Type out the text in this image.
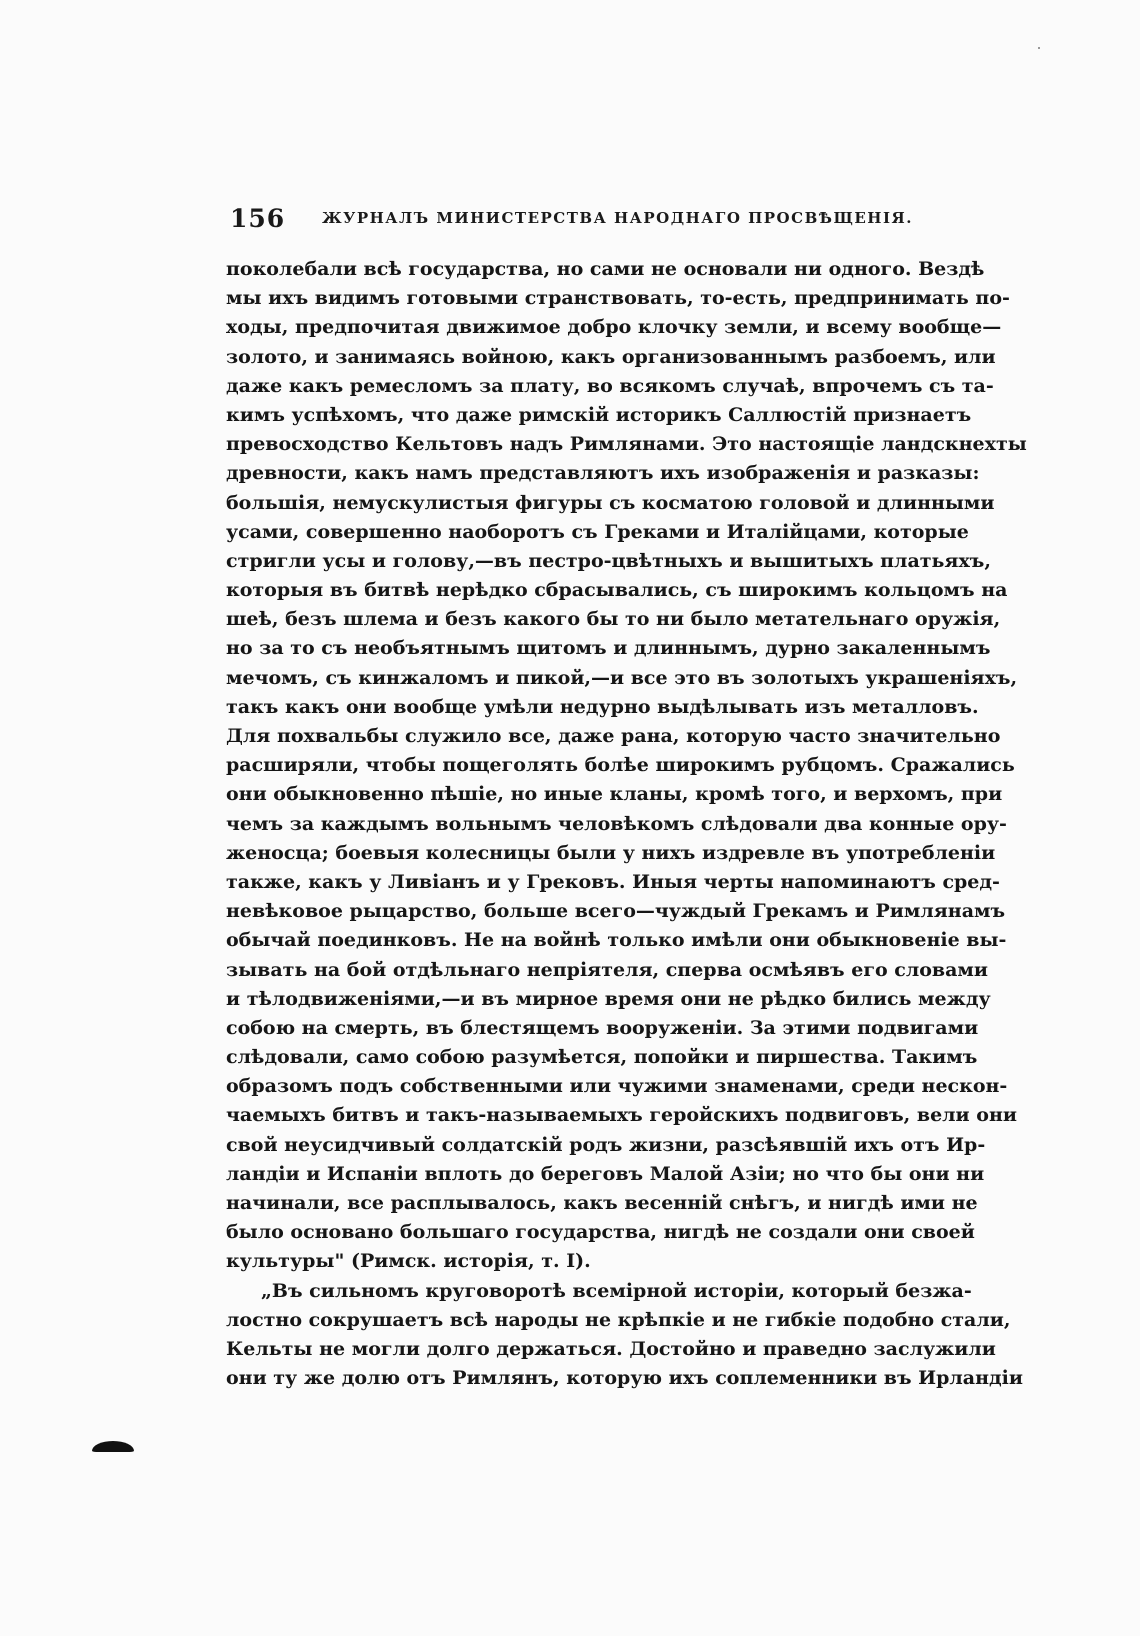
156 ЖУРНАЛЪ МИНИСТЕРСТВА НАРОДНАГО ПРОСВѢЩЕНІЯ.
поколебали всѣ государства, но сами не основали ни одного. Вездѣ
мы ихъ видимъ готовыми странствовать, то-есть, предпринимать по-
ходы, предпочитая движимое добро клочку земли, и всему вообще—
золото, и занимаясь войною, какъ организованнымъ разбоемъ, или
даже какъ ремесломъ за плату, во всякомъ случаѣ, впрочемъ съ та-
кимъ успѣхомъ, что даже римскій историкъ Саллюстій признаетъ
превосходство Кельтовъ надъ Римлянами. Это настоящіе ландскнехты
древности, какъ намъ представляютъ ихъ изображенія и разказы:
большія, немускулистыя фигуры съ косматою головой и длинными
усами, совершенно наоборотъ съ Греками и Италійцами, которые
стригли усы и голову,—въ пестро-цвѣтныхъ и вышитыхъ платьяхъ,
которыя въ битвѣ нерѣдко сбрасывались, съ широкимъ кольцомъ на
шеѣ, безъ шлема и безъ какого бы то ни было метательнаго оружія,
но за то съ необъятнымъ щитомъ и длиннымъ, дурно закаленнымъ
мечомъ, съ кинжаломъ и пикой,—и все это въ золотыхъ украшеніяхъ,
такъ какъ они вообще умѣли недурно выдѣлывать изъ металловъ.
Для похвальбы служило все, даже рана, которую часто значительно
расширяли, чтобы пощеголять болѣе широкимъ рубцомъ. Сражались
они обыкновенно пѣшіе, но иные кланы, кромѣ того, и верхомъ, при
чемъ за каждымъ вольнымъ человѣкомъ слѣдовали два конные ору-
женосца; боевыя колесницы были у нихъ издревле въ употребленіи
также, какъ у Ливіанъ и у Грековъ. Иныя черты напоминаютъ сред-
невѣковое рыцарство, больше всего—чуждый Грекамъ и Римлянамъ
обычай поединковъ. Не на войнѣ только имѣли они обыкновеніе вы-
зывать на бой отдѣльнаго непріятеля, сперва осмѣявъ его словами
и тѣлодвиженіями,—и въ мирное время они не рѣдко бились между
собою на смерть, въ блестящемъ вооруженіи. За этими подвигами
слѣдовали, само собою разумѣется, попойки и пиршества. Такимъ
образомъ подъ собственными или чужими знаменами, среди нескон-
чаемыхъ битвъ и такъ-называемыхъ геройскихъ подвиговъ, вели они
свой неусидчивый солдатскій родъ жизни, разсѣявшій ихъ отъ Ир-
ландіи и Испаніи вплоть до береговъ Малой Азіи; но что бы они ни
начинали, все расплывалось, какъ весенній снѣгъ, и нигдѣ ими не
было основано большаго государства, нигдѣ не создали они своей
культуры" (Римск. исторія, т. I).
„Въ сильномъ круговоротѣ всемірной исторіи, который безжа-
лостно сокрушаетъ всѣ народы не крѣпкіе и не гибкіе подобно стали,
Кельты не могли долго держаться. Достойно и праведно заслужили
они ту же долю отъ Римлянъ, которую ихъ соплеменники въ Ирландіи
